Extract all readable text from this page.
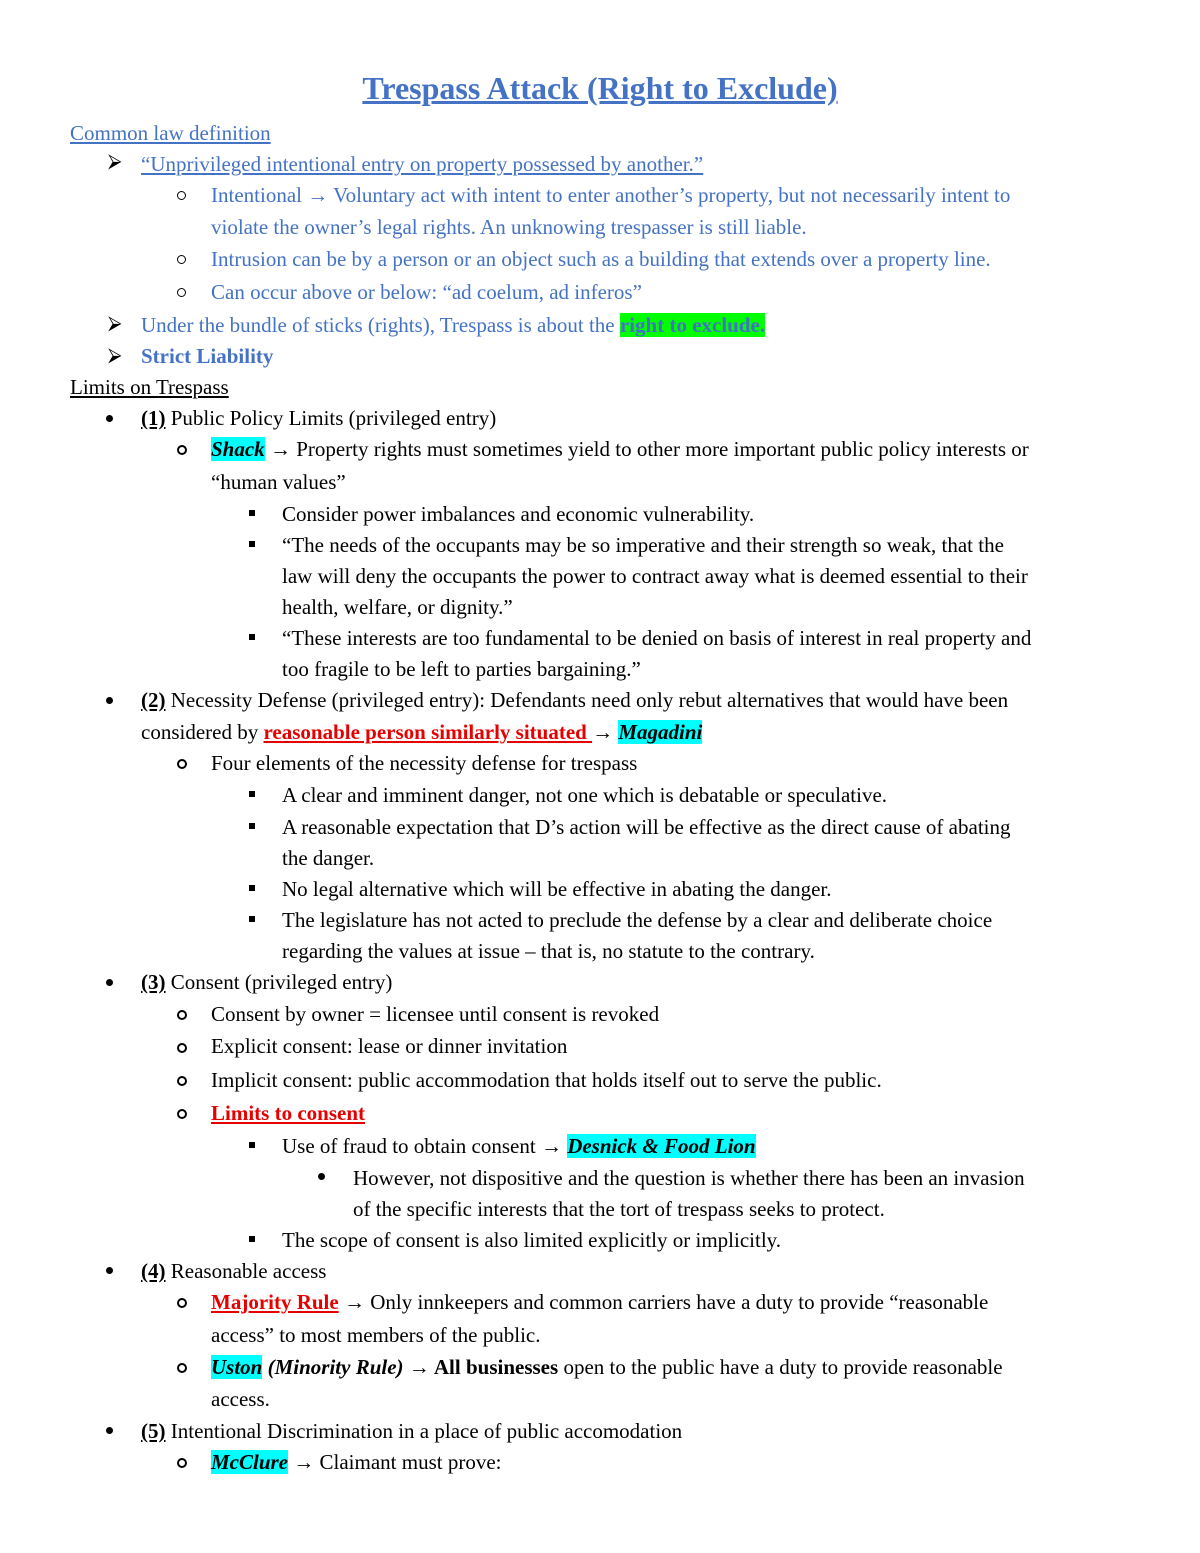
Trespass Attack (Right to Exclude)
Common law definition
⮚ “Unprivileged intentional entry on property possessed by another.”
Intentional → Voluntary act with intent to enter another’s property, but not necessarily intent to
violate the owner’s legal rights. An unknowing trespasser is still liable.
Intrusion can be by a person or an object such as a building that extends over a property line.
Can occur above or below: “ad coelum, ad inferos”
⮚ Under the bundle of sticks (rights), Trespass is about the right to exclude.
⮚ Strict Liability
Limits on Trespass
(1) Public Policy Limits (privileged entry)
Shack → Property rights must sometimes yield to other more important public policy interests or
“human values”
Consider power imbalances and economic vulnerability.
“The needs of the occupants may be so imperative and their strength so weak, that the
law will deny the occupants the power to contract away what is deemed essential to their
health, welfare, or dignity.”
“These interests are too fundamental to be denied on basis of interest in real property and
too fragile to be left to parties bargaining.”
(2) Necessity Defense (privileged entry): Defendants need only rebut alternatives that would have been
considered by reasonable person similarly situated → Magadini
Four elements of the necessity defense for trespass
A clear and imminent danger, not one which is debatable or speculative.
A reasonable expectation that D’s action will be effective as the direct cause of abating
the danger.
No legal alternative which will be effective in abating the danger.
The legislature has not acted to preclude the defense by a clear and deliberate choice
regarding the values at issue – that is, no statute to the contrary.
(3) Consent (privileged entry)
Consent by owner = licensee until consent is revoked
Explicit consent: lease or dinner invitation
Implicit consent: public accommodation that holds itself out to serve the public.
Limits to consent
Use of fraud to obtain consent → Desnick & Food Lion
However, not dispositive and the question is whether there has been an invasion
of the specific interests that the tort of trespass seeks to protect.
The scope of consent is also limited explicitly or implicitly.
(4) Reasonable access
Majority Rule → Only innkeepers and common carriers have a duty to provide “reasonable
access” to most members of the public.
Uston (Minority Rule) → All businesses open to the public have a duty to provide reasonable
access.
(5) Intentional Discrimination in a place of public accomodation
McClure → Claimant must prove:
